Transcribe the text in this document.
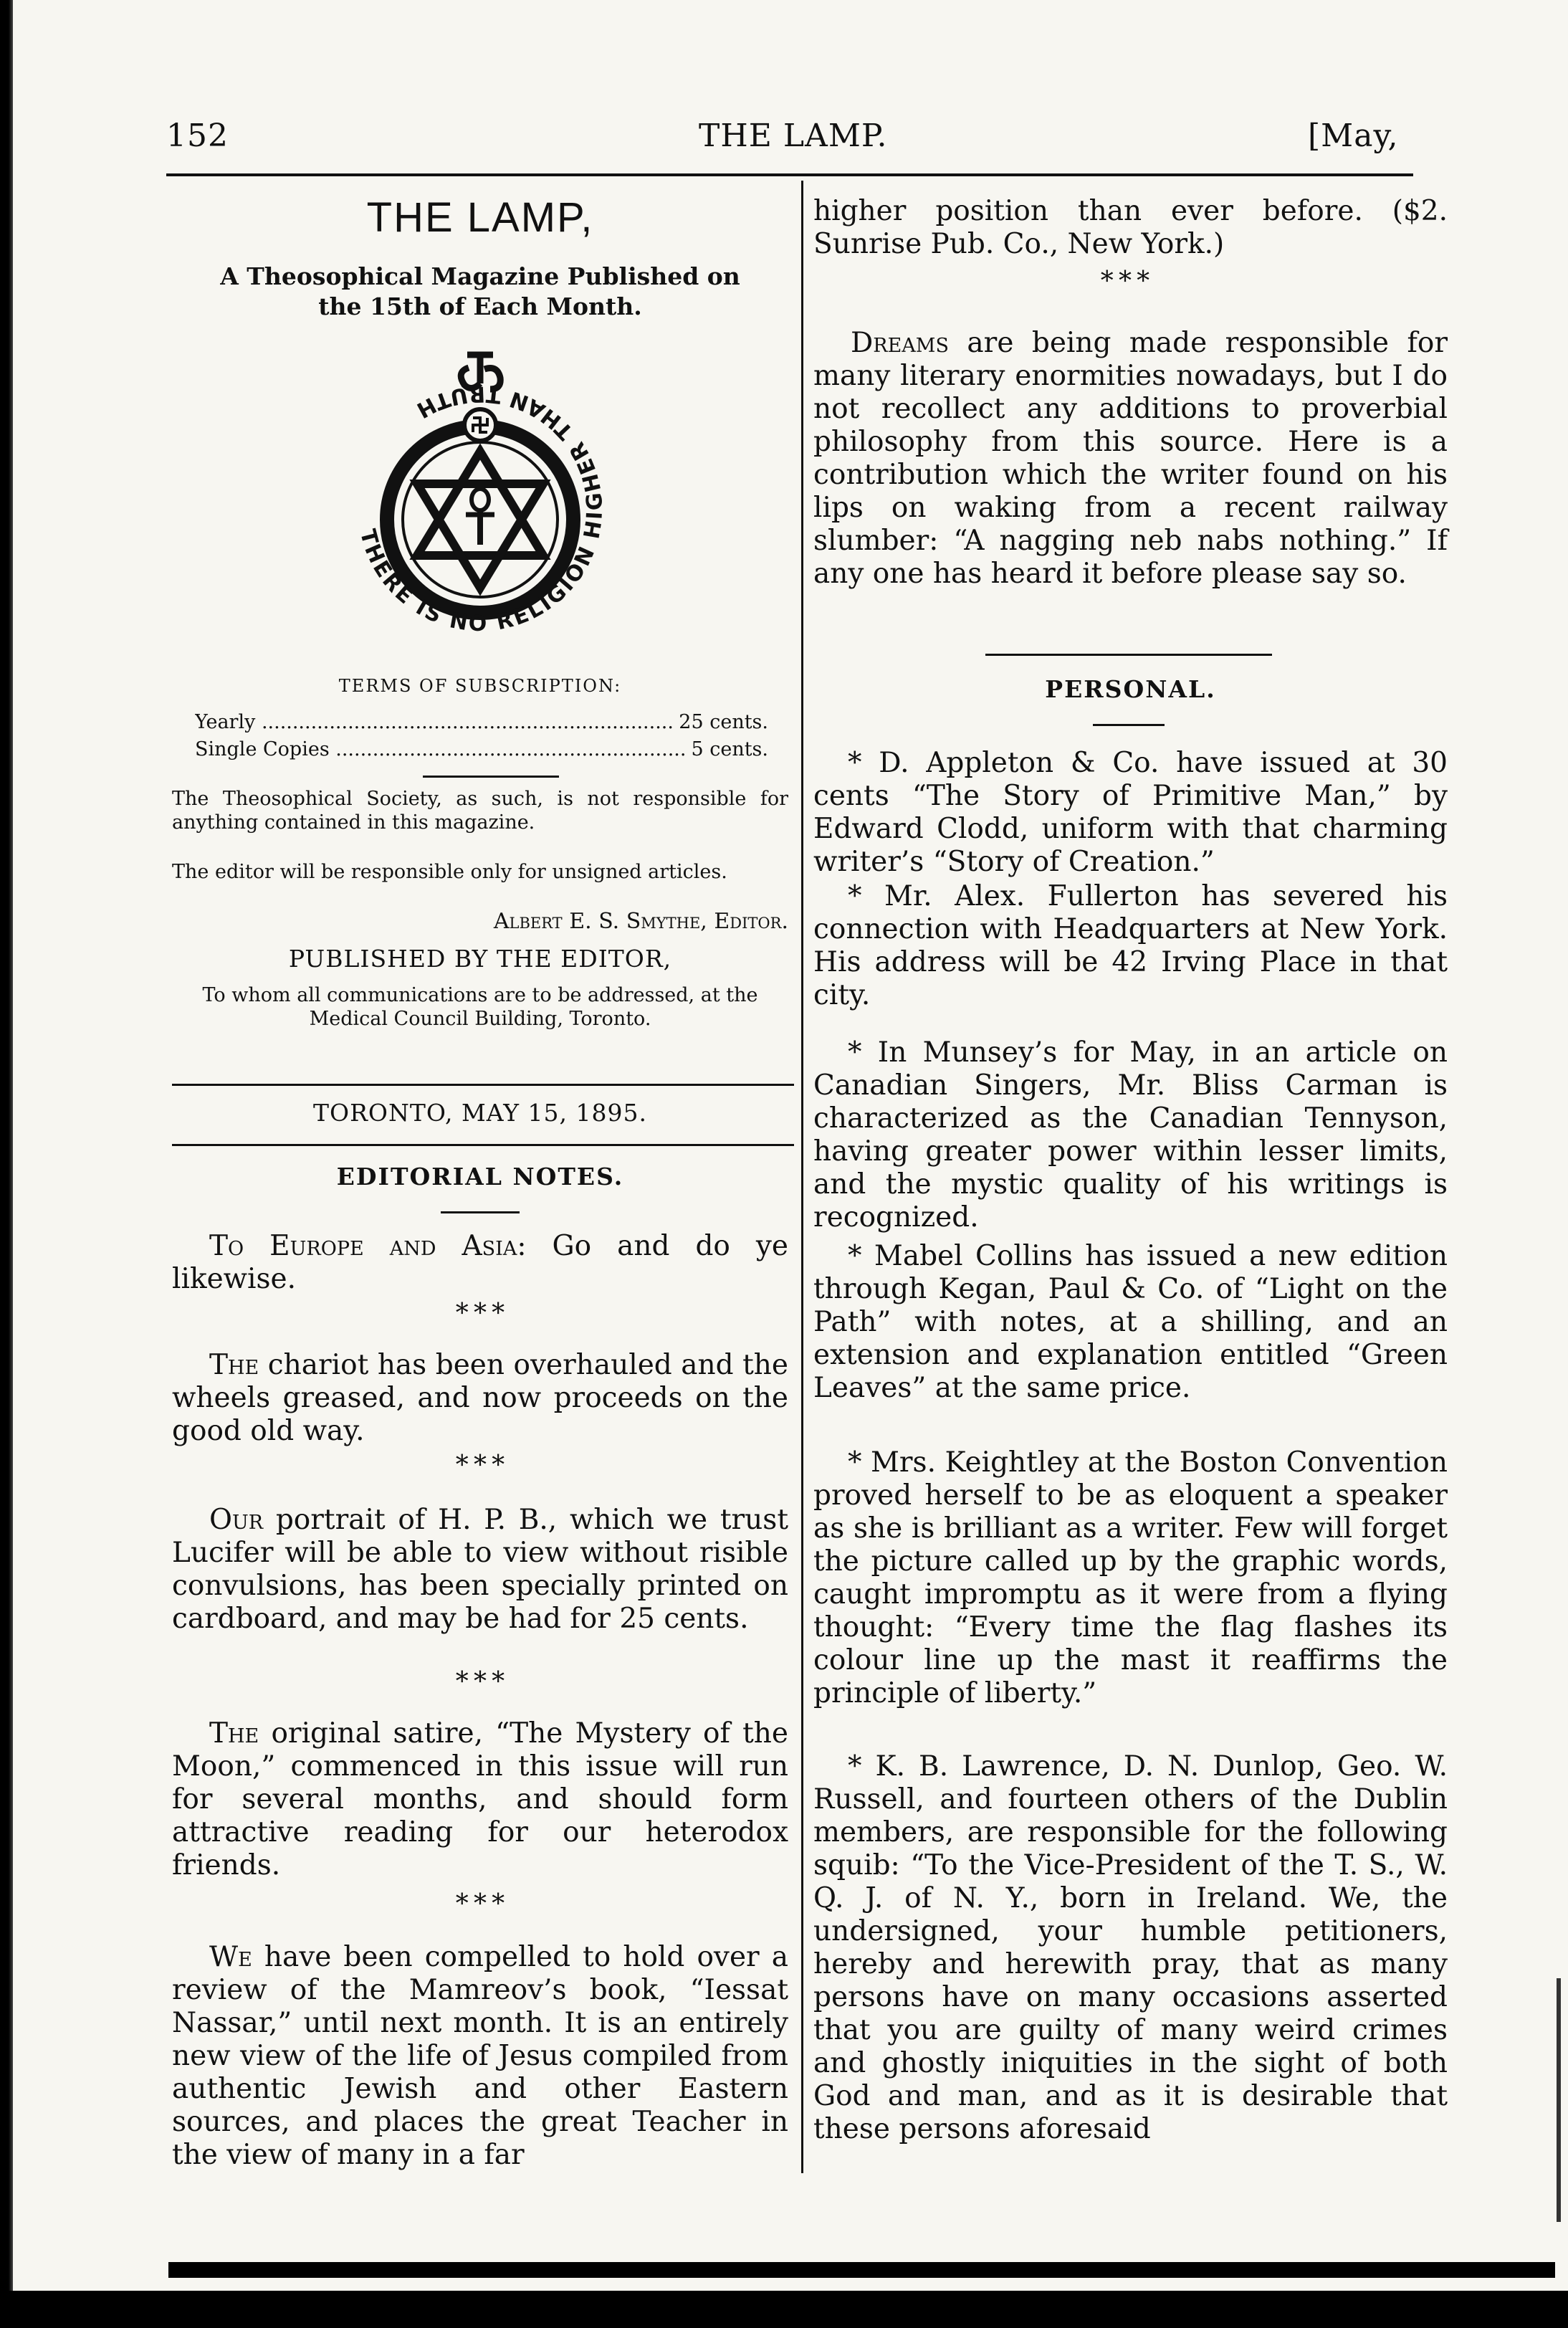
152	THE LAMP.	[May,
THE LAMP,
A Theosophical Magazine Published on
the 15th of Each Month.
THERE IS NO RELIGION HIGHER THAN TRUTH
TERMS OF SUBSCRIPTION:
Yearly .....	25 cents.
Single Copies .....	5 cents.
The Theosophical Society, as such, is not responsible for anything contained in this magazine.
The editor will be responsible only for unsigned articles.
Albert E. S. Smythe, Editor.
PUBLISHED BY THE EDITOR,
To whom all communications are to be addressed, at the Medical Council Building, Toronto.
TORONTO, MAY 15, 1895.
EDITORIAL NOTES.
To Europe and Asia: Go and do ye likewise.
* * *
The chariot has been overhauled and the wheels greased, and now proceeds on the good old way.
* * *
Our portrait of H. P. B., which we trust Lucifer will be able to view without risible convulsions, has been specially printed on cardboard, and may be had for 25 cents.
* * *
The original satire, “The Mystery of the Moon,” commenced in this issue will run for several months, and should form attractive reading for our heterodox friends.
* * *
We have been compelled to hold over a review of the Mamreov’s book, “Iessat Nassar,” until next month. It is an entirely new view of the life of Jesus compiled from authentic Jewish and other Eastern sources, and places the great Teacher in the view of many in a far
higher position than ever before. ($2. Sunrise Pub. Co., New York.)
* * *
Dreams are being made responsible for many literary enormities nowadays, but I do not recollect any additions to proverbial philosophy from this source. Here is a contribution which the writer found on his lips on waking from a recent railway slumber: “A nagging neb nabs nothing.” If any one has heard it before please say so.
PERSONAL.
* D. Appleton & Co. have issued at 30 cents “The Story of Primitive Man,” by Edward Clodd, uniform with that charming writer’s “Story of Creation.”
* Mr. Alex. Fullerton has severed his connection with Headquarters at New York. His address will be 42 Irving Place in that city.
* In Munsey’s for May, in an article on Canadian Singers, Mr. Bliss Carman is characterized as the Canadian Tennyson, having greater power within lesser limits, and the mystic quality of his writings is recognized.
* Mabel Collins has issued a new edition through Kegan, Paul & Co. of “Light on the Path” with notes, at a shilling, and an extension and explanation entitled “Green Leaves” at the same price.
* Mrs. Keightley at the Boston Convention proved herself to be as eloquent a speaker as she is brilliant as a writer. Few will forget the picture called up by the graphic words, caught impromptu as it were from a flying thought: “Every time the flag flashes its colour line up the mast it reaffirms the principle of liberty.”
* K. B. Lawrence, D. N. Dunlop, Geo. W. Russell, and fourteen others of the Dublin members, are responsible for the following squib: “To the Vice-President of the T. S., W. Q. J. of N. Y., born in Ireland. We, the undersigned, your humble petitioners, hereby and herewith pray, that as many persons have on many occasions asserted that you are guilty of many weird crimes and ghostly iniquities in the sight of both God and man, and as it is desirable that these persons aforesaid
